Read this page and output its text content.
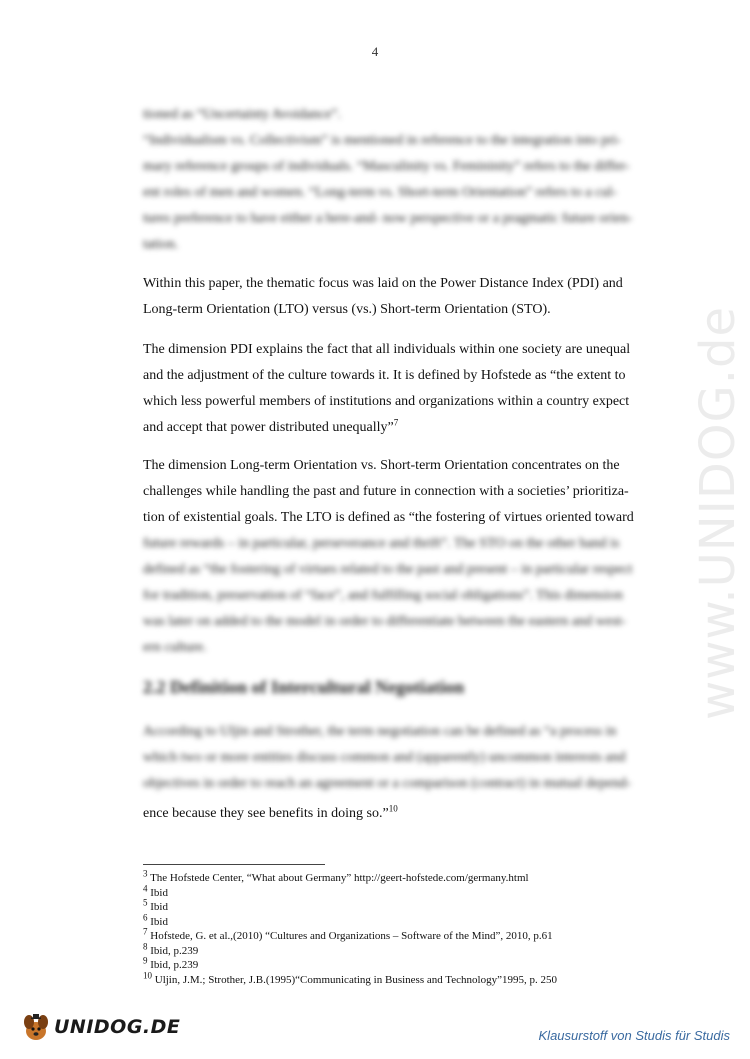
4

tioned as “Uncertainty Avoidance”.

“Individualism vs. Collectivism” is mentioned in reference to the integration into pri-

mary reference groups of individuals. “Masculinity vs. Femininity” refers to the differ-

ent roles of men and women. “Long-term vs. Short-term Orientation” refers to a cul-

tures preference to have either a here-and- now perspective or a pragmatic future orien-

tation.

Within this paper, the thematic focus was laid on the Power Distance Index (PDI) and

Long-term Orientation (LTO) versus (vs.) Short-term Orientation (STO).

The dimension PDI explains the fact that all individuals within one society are unequal

and the adjustment of the culture towards it. It is defined by Hofstede as “the extent to

which less powerful members of institutions and organizations within a country expect

and accept that power distributed unequally”$^7$

The dimension Long-term Orientation vs. Short-term Orientation concentrates on the

challenges while handling the past and future in connection with a societies’ prioritiza-

tion of existential goals. The LTO is defined as “the fostering of virtues oriented toward

future rewards – in particular, perseverance and thrift”. The STO on the other hand is

defined as “the fostering of virtues related to the past and present – in particular respect

for tradition, preservation of “face”, and fulfilling social obligations”. This dimension

was later on added to the model in order to differentiate between the eastern and west-

ern culture.

2.2 Definition of Intercultural Negotiation

According to Uljin and Strother, the term negotiation can be defined as “a process in

which two or more entities discuss common and (apparently) uncommon interests and

objectives in order to reach an agreement or a comparison (contract) in mutual depend-

ence because they see benefits in doing so.”$^{10}$

$^3$ The Hofstede Center, “What about Germany” http://geert-hofstede.com/germany.html
$^4$ Ibid
$^5$ Ibid
$^6$ Ibid
$^7$ Hofstede, G. et al.,(2010) “Cultures and Organizations – Software of the Mind”, 2010, p.61
$^8$ Ibid, p.239
$^9$ Ibid, p.239
$^{10}$ Uljin, J.M.; Strother, J.B.(1995)“Communicating in Business and Technology”1995, p. 250
www.UNIDOG.de
UNIDOG.DE	Klausurstoff von Studis für Studis
